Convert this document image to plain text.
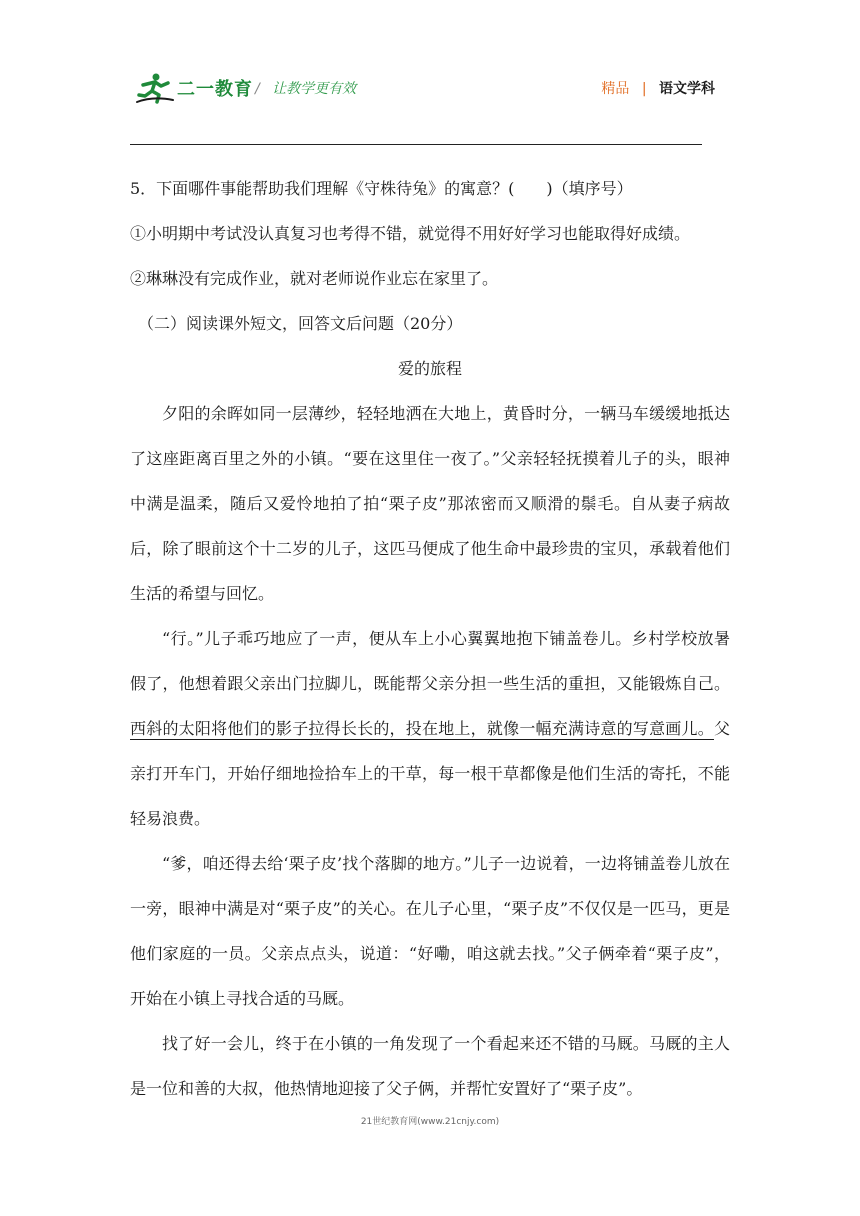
二一教育 / 让教学更有效	精品 | 语文学科

5．下面哪件事能帮助我们理解《守株待兔》的寓意？(　　)（填序号）

①小明期中考试没认真复习也考得不错，就觉得不用好好学习也能取得好成绩。

②琳琳没有完成作业，就对老师说作业忘在家里了。

（二）阅读课外短文，回答文后问题（20分）

爱的旅程

夕阳的余晖如同一层薄纱，轻轻地洒在大地上，黄昏时分，一辆马车缓缓地抵达了这座距离百里之外的小镇。“要在这里住一夜了。”父亲轻轻抚摸着儿子的头，眼神中满是温柔，随后又爱怜地拍了拍“栗子皮”那浓密而又顺滑的鬃毛。自从妻子病故后，除了眼前这个十二岁的儿子，这匹马便成了他生命中最珍贵的宝贝，承载着他们生活的希望与回忆。

“行。”儿子乖巧地应了一声，便从车上小心翼翼地抱下铺盖卷儿。乡村学校放暑假了，他想着跟父亲出门拉脚儿，既能帮父亲分担一些生活的重担，又能锻炼自己。西斜的太阳将他们的影子拉得长长的，投在地上，就像一幅充满诗意的写意画儿。父亲打开车门，开始仔细地捡拾车上的干草，每一根干草都像是他们生活的寄托，不能轻易浪费。

“爹，咱还得去给‘栗子皮’找个落脚的地方。”儿子一边说着，一边将铺盖卷儿放在一旁，眼神中满是对“栗子皮”的关心。在儿子心里，“栗子皮”不仅仅是一匹马，更是他们家庭的一员。父亲点点头，说道：“好嘞，咱这就去找。”父子俩牵着“栗子皮”，开始在小镇上寻找合适的马厩。

找了好一会儿，终于在小镇的一角发现了一个看起来还不错的马厩。马厩的主人是一位和善的大叔，他热情地迎接了父子俩，并帮忙安置好了“栗子皮”。

21世纪教育网(www.21cnjy.com)
